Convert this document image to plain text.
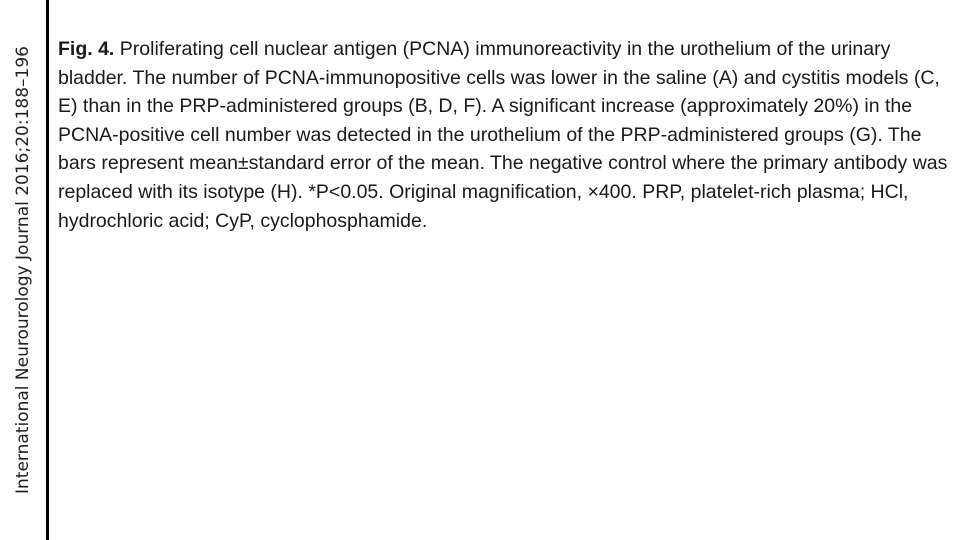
International Neurourology Journal 2016;20:188–196 Fig. 4. Proliferating cell nuclear antigen (PCNA) immunoreactivity in the urothelium of the urinary bladder. The number of PCNA-immunopositive cells was lower in the saline (A) and cystitis models (C, E) than in the PRP-administered groups (B, D, F). A significant increase (approximately 20%) in the PCNA-positive cell number was detected in the urothelium of the PRP-administered groups (G). The bars represent mean±standard error of the mean. The negative control where the primary antibody was replaced with its isotype (H). *P<0.05. Original magnification, ×400. PRP, platelet-rich plasma; HCl, hydrochloric acid; CyP, cyclophosphamide.
